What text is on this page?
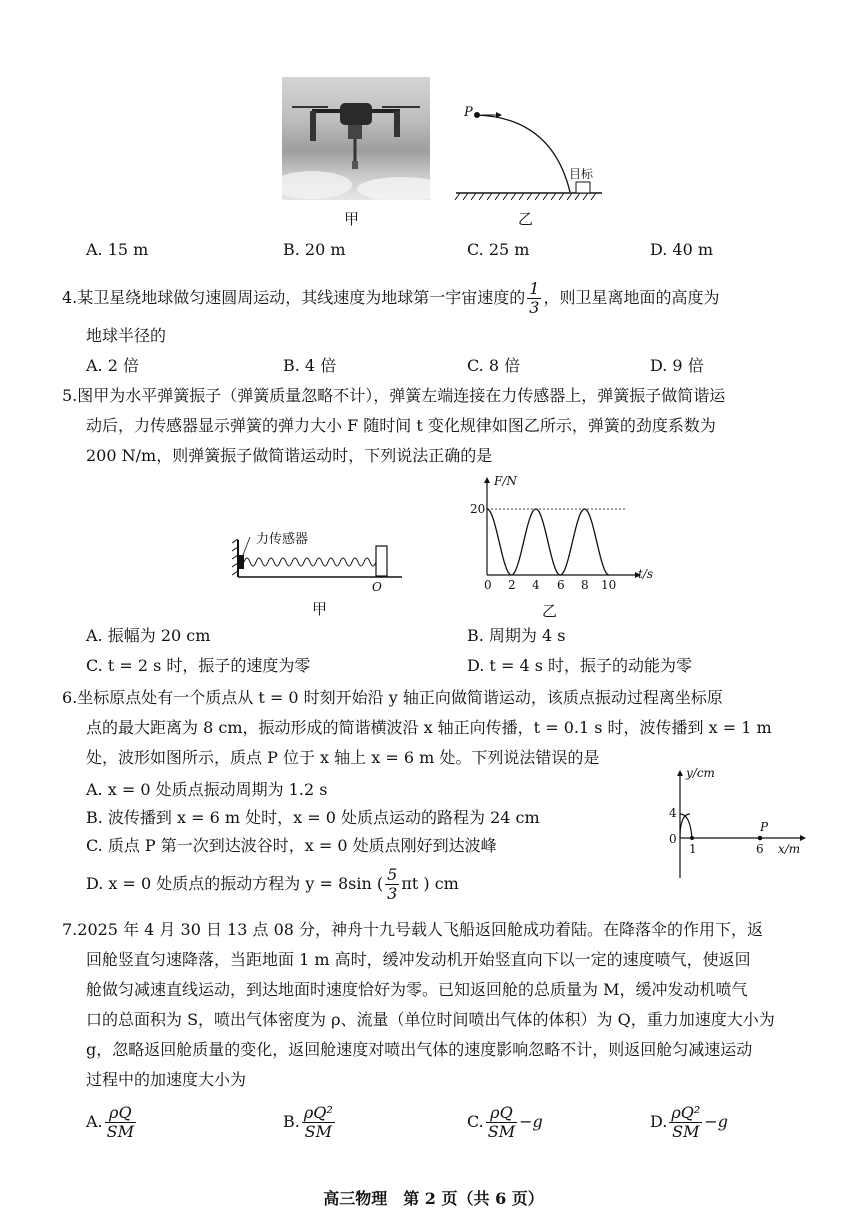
甲
P
目标
乙
A. 15 m	B. 20 m	C. 25 m	D. 40 m
4.某卫星绕地球做匀速圆周运动，其线速度为地球第一宇宙速度的 $\frac{1}{3}$ ，则卫星离地面的高度为
地球半径的
A. 2 倍	B. 4 倍	C. 8 倍	D. 9 倍
5.图甲为水平弹簧振子（弹簧质量忽略不计），弹簧左端连接在力传感器上，弹簧振子做简谐运
动后，力传感器显示弹簧的弹力大小 F 随时间 t 变化规律如图乙所示，弹簧的劲度系数为
200 N/m，则弹簧振子做简谐运动时，下列说法正确的是
力传感器
O
甲
F/N
t/s
20
0 2 4 6 8 10
乙
A. 振幅为 20 cm	B. 周期为 4 s
C. t = 2 s 时，振子的速度为零	D. t = 4 s 时，振子的动能为零
6.坐标原点处有一个质点从 t = 0 时刻开始沿 y 轴正向做简谐运动，该质点振动过程离坐标原
点的最大距离为 8 cm，振动形成的简谐横波沿 x 轴正向传播，t = 0.1 s 时，波传播到 x = 1 m
处，波形如图所示，质点 P 位于 x 轴上 x = 6 m 处。下列说法错误的是
A. x = 0 处质点振动周期为 1.2 s
B. 波传播到 x = 6 m 处时，x = 0 处质点运动的路程为 24 cm
C. 质点 P 第一次到达波谷时，x = 0 处质点刚好到达波峰
D. x = 0 处质点的振动方程为 y = 8sin ( $\frac{5}{3}$ πt ) cm
y/cm
4
0
1	6
P
x/m
7.2025 年 4 月 30 日 13 点 08 分，神舟十九号载人飞船返回舱成功着陆。在降落伞的作用下，返
回舱竖直匀速降落，当距地面 1 m 高时，缓冲发动机开始竖直向下以一定的速度喷气，使返回
舱做匀减速直线运动，到达地面时速度恰好为零。已知返回舱的总质量为 M，缓冲发动机喷气
口的总面积为 S，喷出气体密度为 ρ、流量（单位时间喷出气体的体积）为 Q，重力加速度大小为
g，忽略返回舱质量的变化，返回舱速度对喷出气体的速度影响忽略不计，则返回舱匀减速运动
过程中的加速度大小为
A. $\frac{\rho Q}{SM}$	B. $\frac{\text{ρQ²}}{SM}$	C. $\frac{\rho Q}{SM} -g$	D. $\frac{\text{ρQ²}}{SM} -g$
高三物理　第 2 页（共 6 页）
